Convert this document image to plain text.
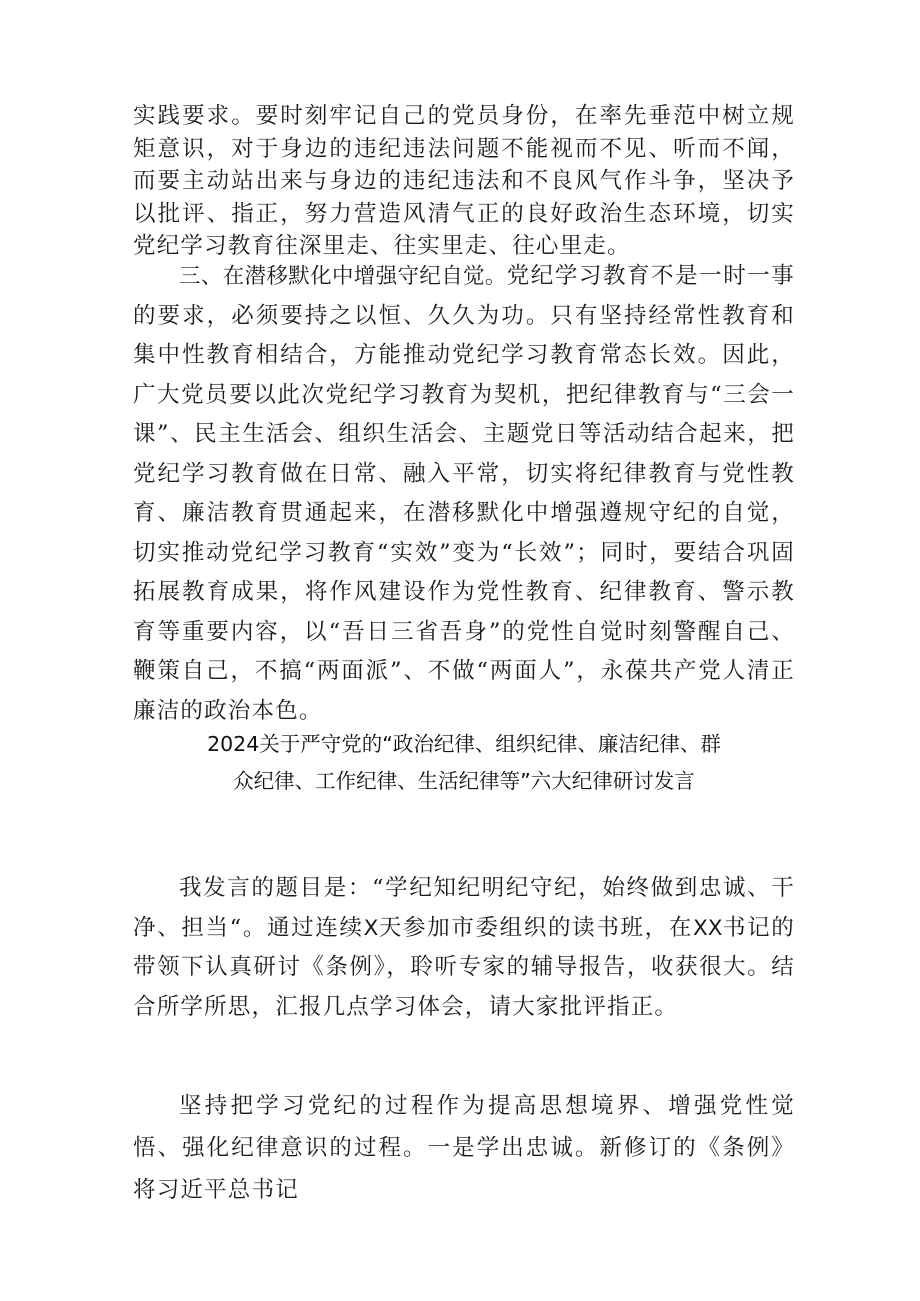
实践要求。要时刻牢记自己的党员身份，在率先垂范中树立规矩意识，对于身边的违纪违法问题不能视而不见、听而不闻，而要主动站出来与身边的违纪违法和不良风气作斗争，坚决予以批评、指正，努力营造风清气正的良好政治生态环境，切实党纪学习教育往深里走、往实里走、往心里走。

三、在潜移默化中增强守纪自觉。党纪学习教育不是一时一事的要求，必须要持之以恒、久久为功。只有坚持经常性教育和集中性教育相结合，方能推动党纪学习教育常态长效。因此，广大党员要以此次党纪学习教育为契机，把纪律教育与“三会一课”、民主生活会、组织生活会、主题党日等活动结合起来，把党纪学习教育做在日常、融入平常，切实将纪律教育与党性教育、廉洁教育贯通起来，在潜移默化中增强遵规守纪的自觉，切实推动党纪学习教育“实效”变为“长效”；同时，要结合巩固拓展教育成果，将作风建设作为党性教育、纪律教育、警示教育等重要内容，以“吾日三省吾身”的党性自觉时刻警醒自己、鞭策自己，不搞“两面派”、不做“两面人”，永葆共产党人清正廉洁的政治本色。

2024关于严守党的“政治纪律、组织纪律、廉洁纪律、群
众纪律、工作纪律、生活纪律等”六大纪律研讨发言

我发言的题目是：“学纪知纪明纪守纪，始终做到忠诚、干净、担当“。通过连续X天参加市委组织的读书班，在XX书记的带领下认真研讨《条例》，聆听专家的辅导报告，收获很大。结合所学所思，汇报几点学习体会，请大家批评指正。

坚持把学习党纪的过程作为提高思想境界、增强党性觉悟、强化纪律意识的过程。一是学出忠诚。新修订的《条例》将习近平总书记
